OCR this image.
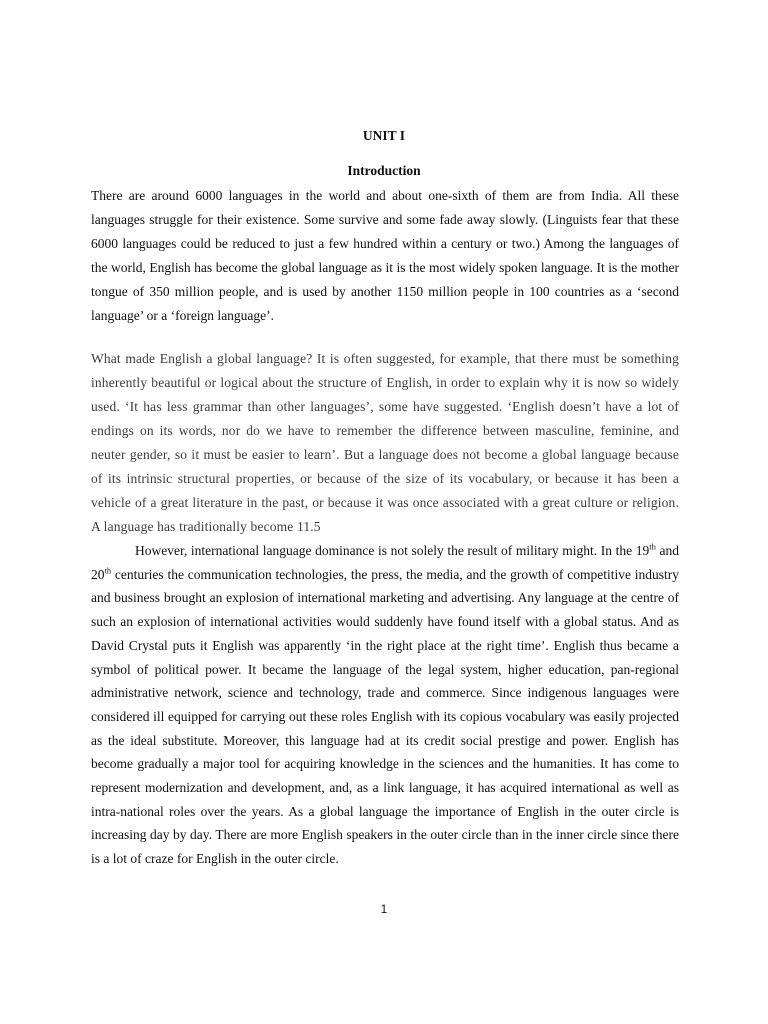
UNIT I
Introduction

There are around 6000 languages in the world and about one-sixth of them are from India. All these languages struggle for their existence. Some survive and some fade away slowly. (Linguists fear that these 6000 languages could be reduced to just a few hundred within a century or two.) Among the languages of the world, English has become the global language as it is the most widely spoken language. It is the mother tongue of 350 million people, and is used by another 1150 million people in 100 countries as a ‘second language’ or a ‘foreign language’.

What made English a global language? It is often suggested, for example, that there must be something inherently beautiful or logical about the structure of English, in order to explain why it is now so widely used. ‘It has less grammar than other languages’, some have suggested. ‘English doesn’t have a lot of endings on its words, nor do we have to remember the difference between masculine, feminine, and neuter gender, so it must be easier to learn’. But a language does not become a global language because of its intrinsic structural properties, or because of the size of its vocabulary, or because it has been a vehicle of a great literature in the past, or because it was once associated with a great culture or religion. A language has traditionally become 11.5

However, international language dominance is not solely the result of military might. In the 19th and 20th centuries the communication technologies, the press, the media, and the growth of competitive industry and business brought an explosion of international marketing and advertising. Any language at the centre of such an explosion of international activities would suddenly have found itself with a global status. And as David Crystal puts it English was apparently ‘in the right place at the right time’. English thus became a symbol of political power. It became the language of the legal system, higher education, pan-regional administrative network, science and technology, trade and commerce. Since indigenous languages were considered ill equipped for carrying out these roles English with its copious vocabulary was easily projected as the ideal substitute. Moreover, this language had at its credit social prestige and power. English has become gradually a major tool for acquiring knowledge in the sciences and the humanities. It has come to represent modernization and development, and, as a link language, it has acquired international as well as intra-national roles over the years. As a global language the importance of English in the outer circle is increasing day by day. There are more English speakers in the outer circle than in the inner circle since there is a lot of craze for English in the outer circle.

1
